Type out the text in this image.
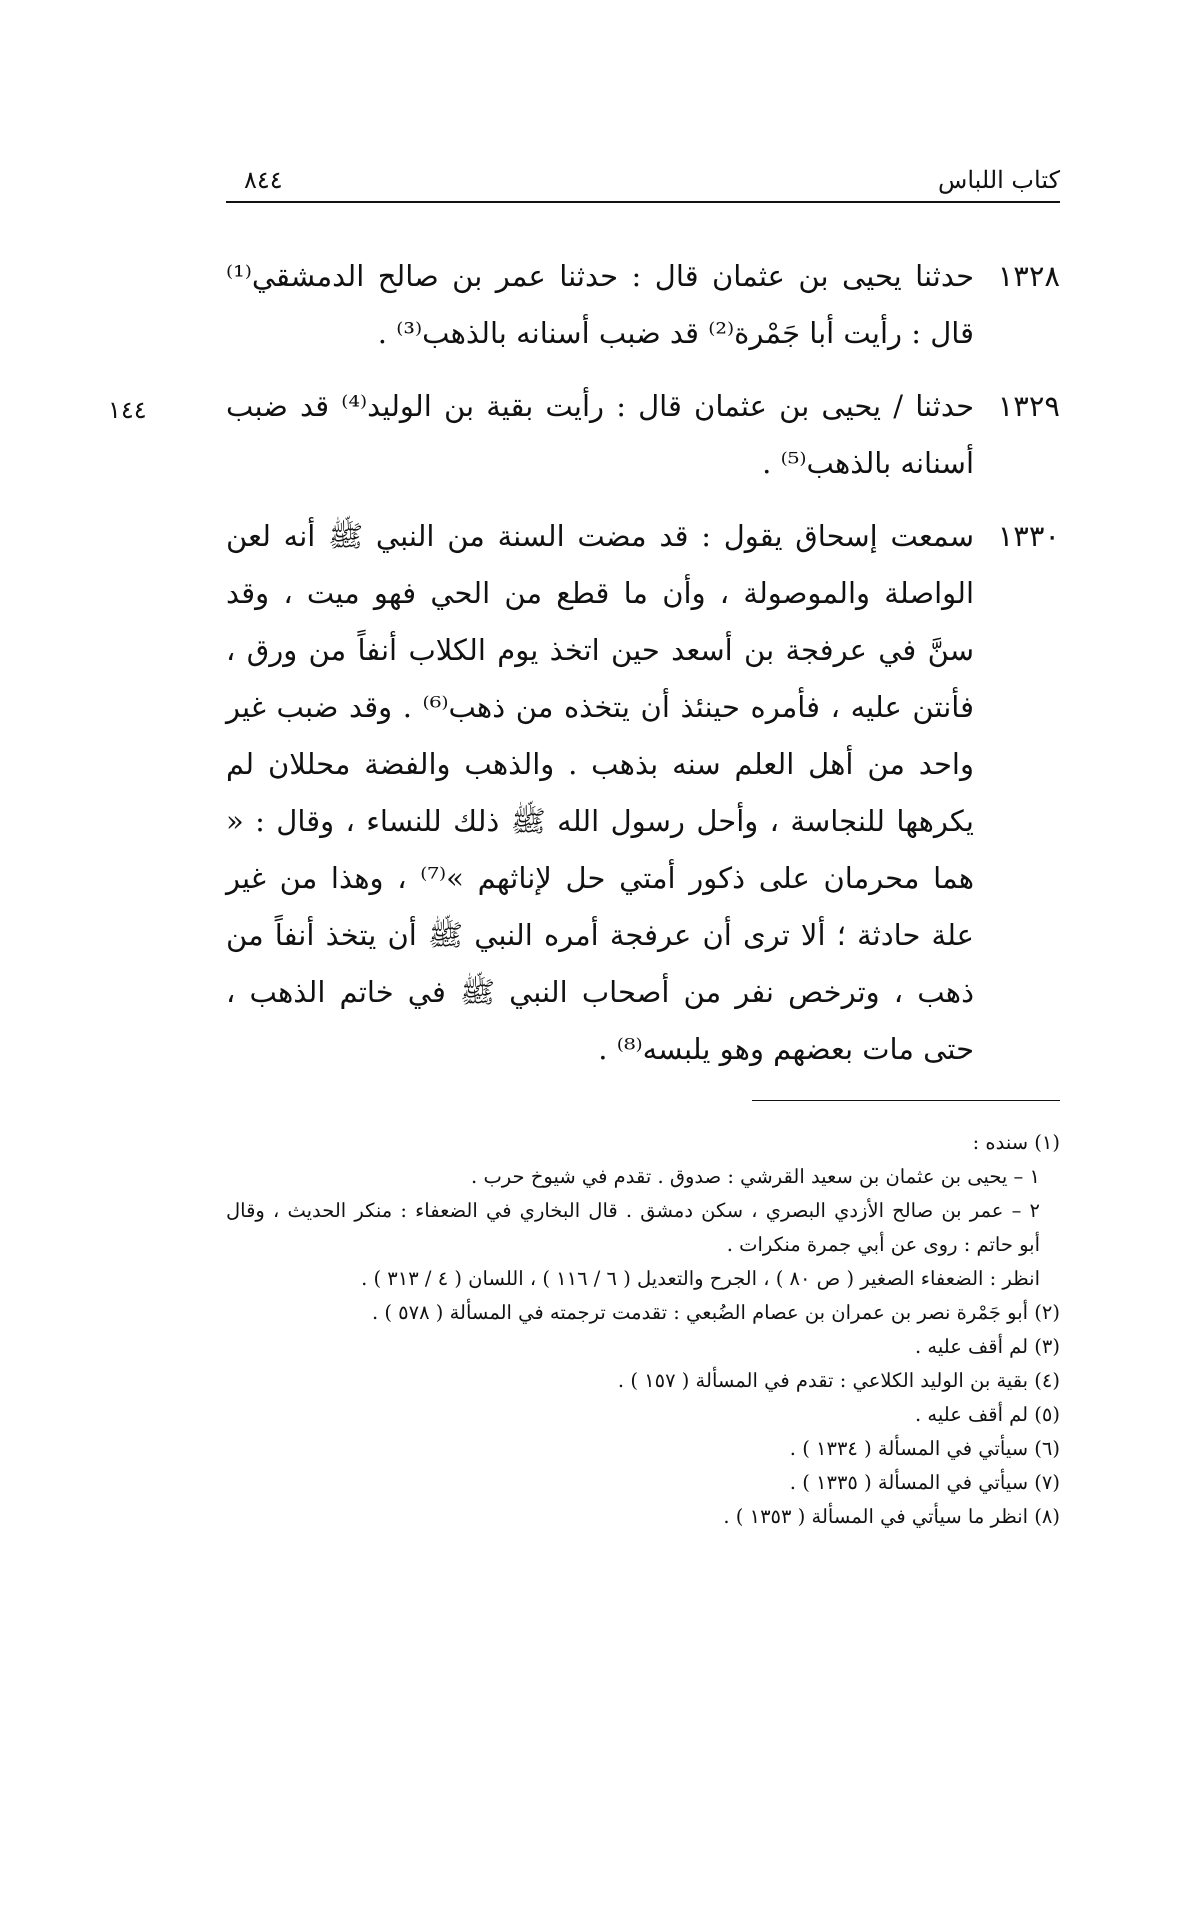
كتاب اللباس
٨٤٤
١٤٤
١٣٢٨

حدثنا يحيى بن عثمان قال : حدثنا عمر بن صالح الدمشقي⁽¹⁾ قال : رأيت أبا جَمْرة⁽²⁾ قد ضبب أسنانه بالذهب⁽³⁾ .

١٣٢٩

حدثنا / يحيى بن عثمان قال : رأيت بقية بن الوليد⁽⁴⁾ قد ضبب أسنانه بالذهب⁽⁵⁾ .

١٣٣٠

سمعت إسحاق يقول : قد مضت السنة من النبي ﷺ أنه لعن الواصلة والموصولة ، وأن ما قطع من الحي فهو ميت ، وقد سنَّ في عرفجة بن أسعد حين اتخذ يوم الكلاب أنفاً من ورق ، فأنتن عليه ، فأمره حينئذ أن يتخذه من ذهب⁽⁶⁾ . وقد ضبب غير واحد من أهل العلم سنه بذهب . والذهب والفضة محللان لم يكرهها للنجاسة ، وأحل رسول الله ﷺ ذلك للنساء ، وقال : « هما محرمان على ذكور أمتي حل لإناثهم »⁽⁷⁾ ، وهذا من غير علة حادثة ؛ ألا ترى أن عرفجة أمره النبي ﷺ أن يتخذ أنفاً من ذهب ، وترخص نفر من أصحاب النبي ﷺ في خاتم الذهب ، حتى مات بعضهم وهو يلبسه⁽⁸⁾ .

(١) سنده :

١ – يحيى بن عثمان بن سعيد القرشي : صدوق . تقدم في شيوخ حرب .

٢ – عمر بن صالح الأزدي البصري ، سكن دمشق . قال البخاري في الضعفاء : منكر الحديث ، وقال

أبو حاتم : روى عن أبي جمرة منكرات .

انظر : الضعفاء الصغير ( ص ٨٠ ) ، الجرح والتعديل ( ٦ / ١١٦ ) ، اللسان ( ٤ / ٣١٣ ) .

(٢) أبو جَمْرة نصر بن عمران بن عصام الضُبعي : تقدمت ترجمته في المسألة ( ٥٧٨ ) .

(٣) لم أقف عليه .

(٤) بقية بن الوليد الكلاعي : تقدم في المسألة ( ١٥٧ ) .

(٥) لم أقف عليه .

(٦) سيأتي في المسألة ( ١٣٣٤ ) .

(٧) سيأتي في المسألة ( ١٣٣٥ ) .

(٨) انظر ما سيأتي في المسألة ( ١٣٥٣ ) .
